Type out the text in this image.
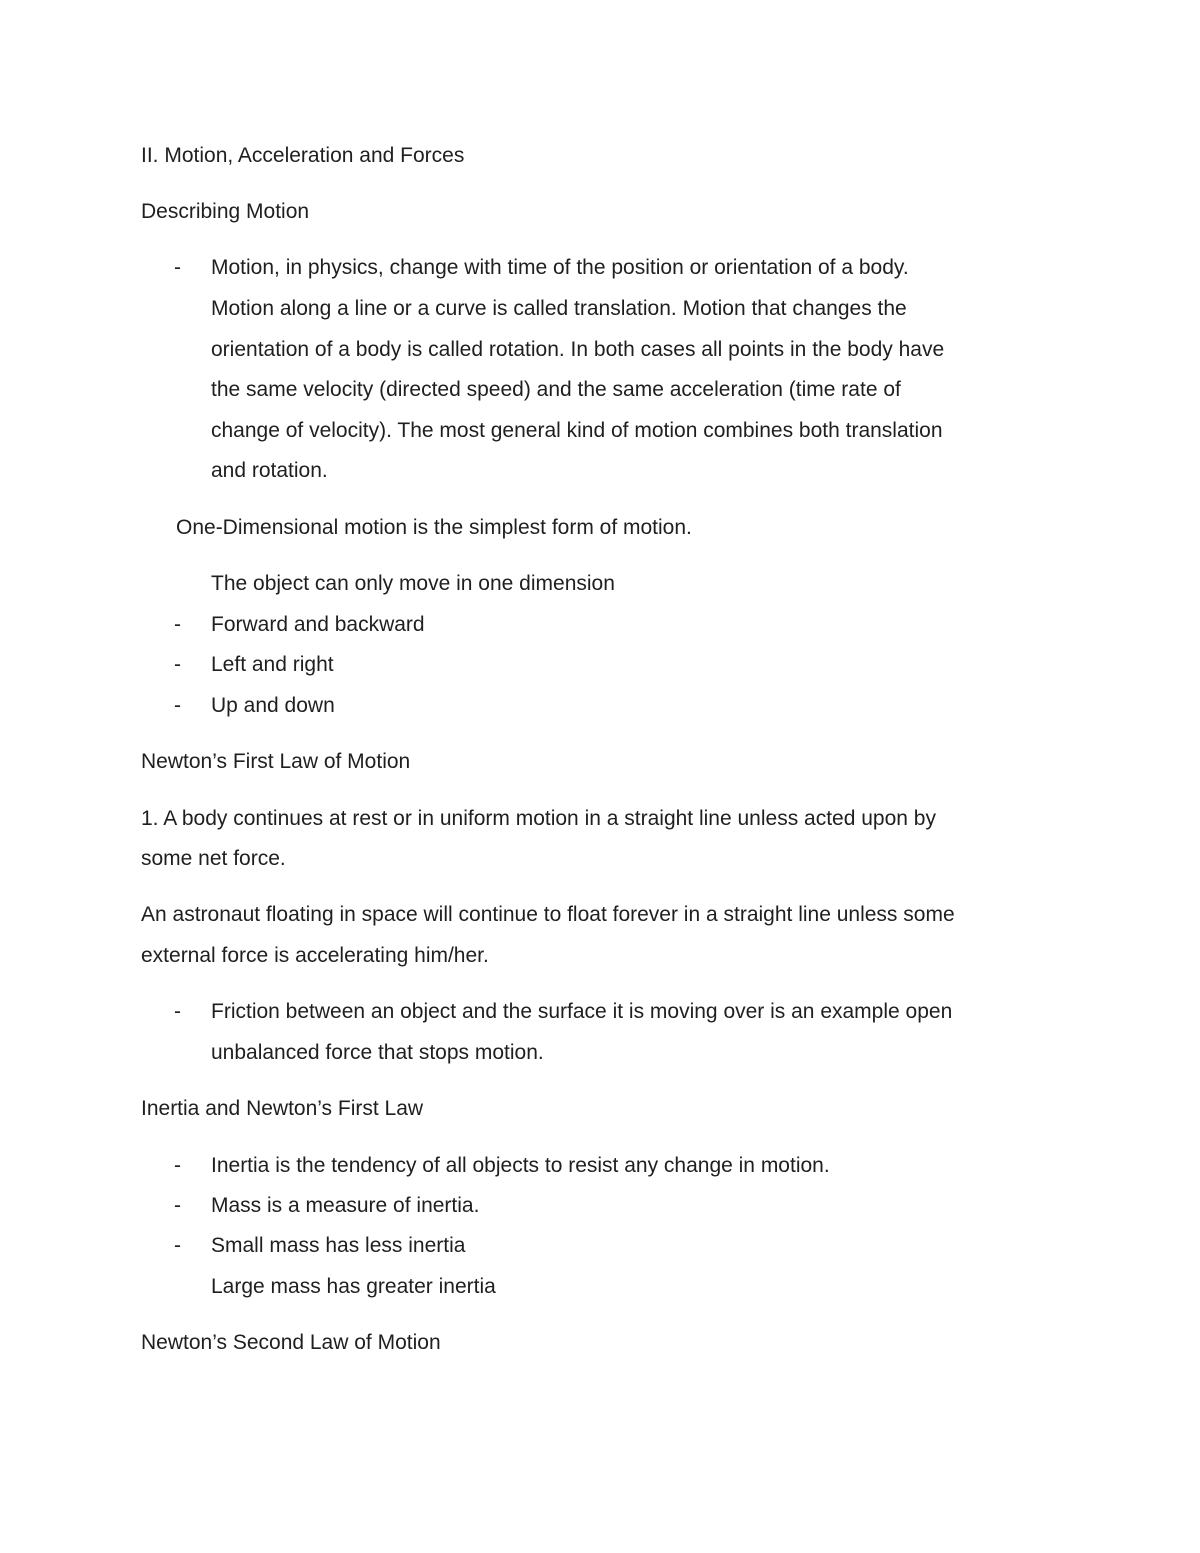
II. Motion, Acceleration and Forces
Describing Motion
- Motion, in physics, change with time of the position or orientation of a body.
Motion along a line or a curve is called translation. Motion that changes the
orientation of a body is called rotation. In both cases all points in the body have
the same velocity (directed speed) and the same acceleration (time rate of
change of velocity). The most general kind of motion combines both translation
and rotation.
One-Dimensional motion is the simplest form of motion.
The object can only move in one dimension
- Forward and backward
- Left and right
- Up and down
Newton’s First Law of Motion
1. A body continues at rest or in uniform motion in a straight line unless acted upon by
some net force.
An astronaut floating in space will continue to float forever in a straight line unless some
external force is accelerating him/her.
- Friction between an object and the surface it is moving over is an example open
unbalanced force that stops motion.
Inertia and Newton’s First Law
- Inertia is the tendency of all objects to resist any change in motion.
- Mass is a measure of inertia.
- Small mass has less inertia
Large mass has greater inertia
Newton’s Second Law of Motion
